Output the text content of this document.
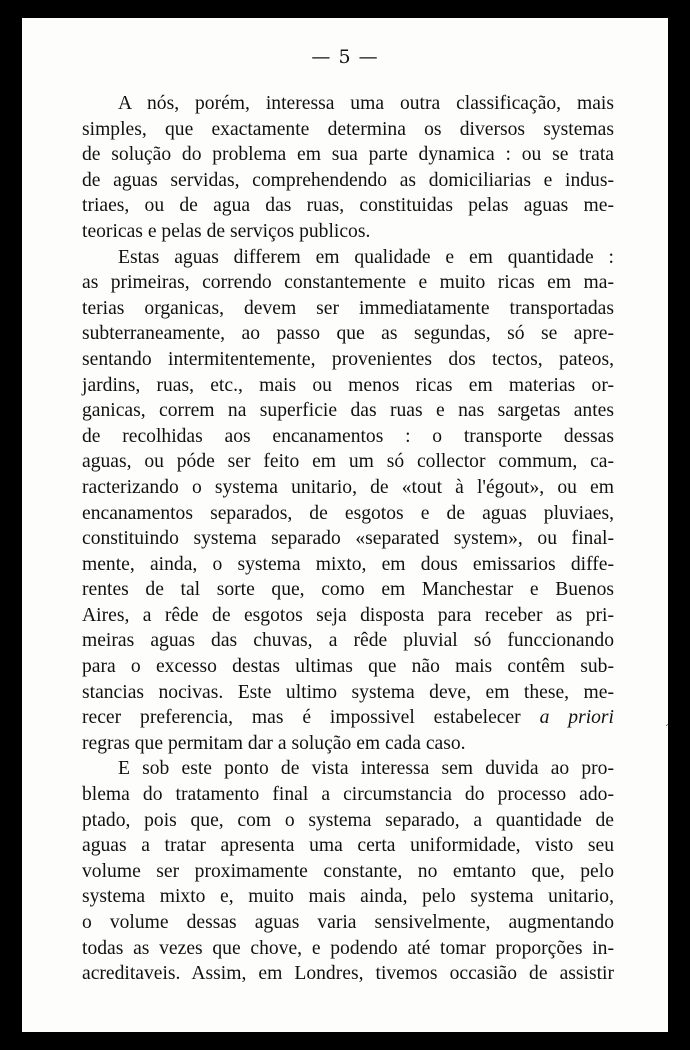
— 5 —
A nós, porém, interessa uma outra classificação, mais
simples, que exactamente determina os diversos systemas
de solução do problema em sua parte dynamica : ou se trata
de aguas servidas, comprehendendo as domiciliarias e indus-
triaes, ou de agua das ruas, constituidas pelas aguas me-
teoricas e pelas de serviços publicos.
Estas aguas differem em qualidade e em quantidade :
as primeiras, correndo constantemente e muito ricas em ma-
terias organicas, devem ser immediatamente transportadas
subterraneamente, ao passo que as segundas, só se apre-
sentando intermitentemente, provenientes dos tectos, pateos,
jardins, ruas, etc., mais ou menos ricas em materias or-
ganicas, correm na superficie das ruas e nas sargetas antes
de recolhidas aos encanamentos : o transporte dessas
aguas, ou póde ser feito em um só collector commum, ca-
racterizando o systema unitario, de «tout à l'égout», ou em
encanamentos separados, de esgotos e de aguas pluviaes,
constituindo systema separado «separated system», ou final-
mente, ainda, o systema mixto, em dous emissarios diffe-
rentes de tal sorte que, como em Manchestar e Buenos
Aires, a rêde de esgotos seja disposta para receber as pri-
meiras aguas das chuvas, a rêde pluvial só funccionando
para o excesso destas ultimas que não mais contêm sub-
stancias nocivas. Este ultimo systema deve, em these, me-
recer preferencia, mas é impossivel estabelecer a priori
regras que permitam dar a solução em cada caso.
E sob este ponto de vista interessa sem duvida ao pro-
blema do tratamento final a circumstancia do processo ado-
ptado, pois que, com o systema separado, a quantidade de
aguas a tratar apresenta uma certa uniformidade, visto seu
volume ser proximamente constante, no emtanto que, pelo
systema mixto e, muito mais ainda, pelo systema unitario,
o volume dessas aguas varia sensivelmente, augmentando
todas as vezes que chove, e podendo até tomar proporções in-
acreditaveis. Assim, em Londres, tivemos occasião de assistir
´
